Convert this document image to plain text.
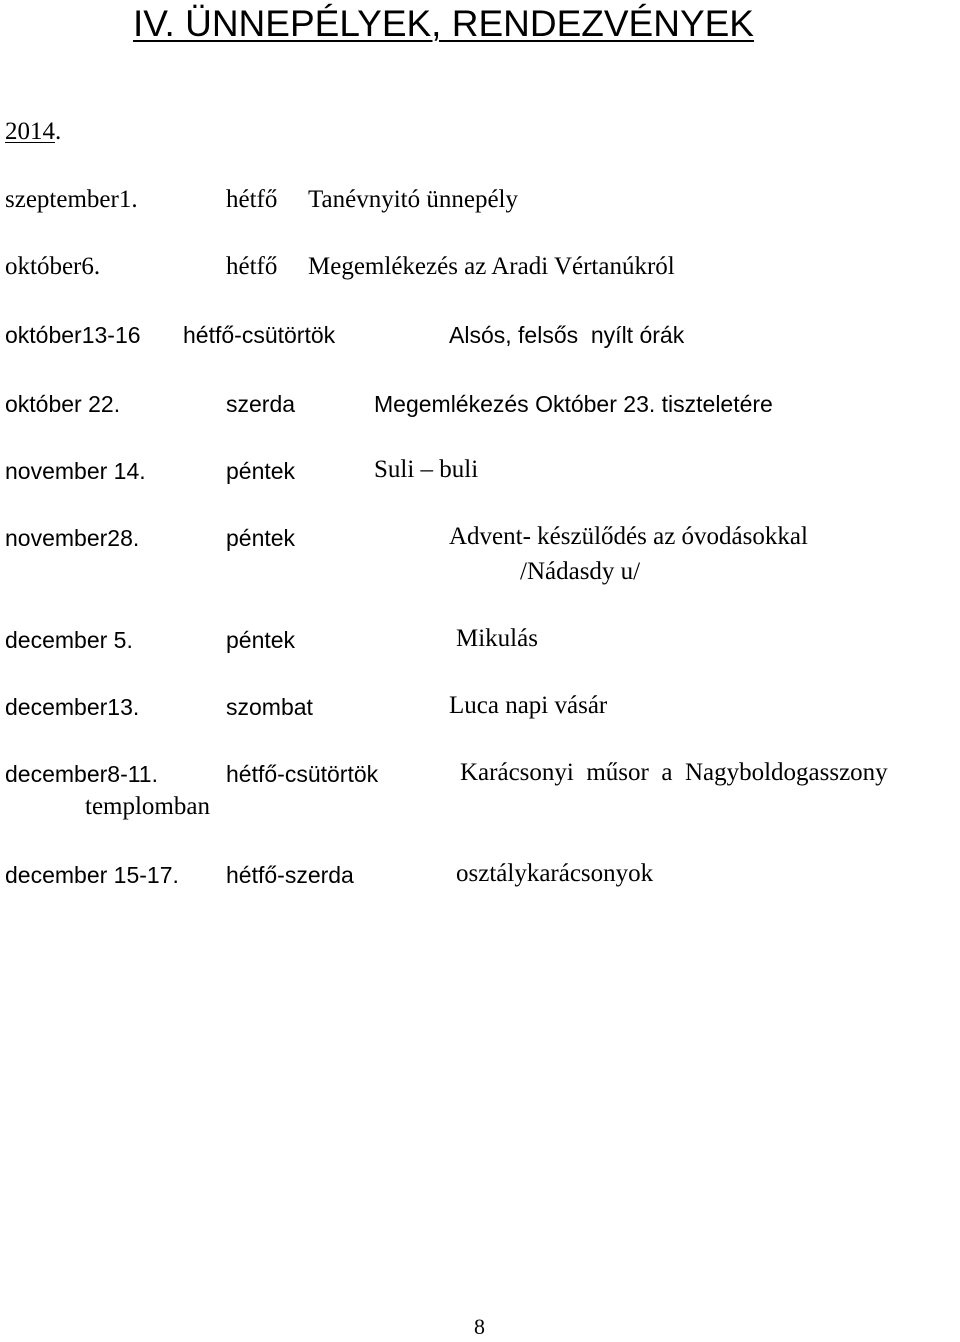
IV. ÜNNEPÉLYEK, RENDEZVÉNYEK
2014.
szeptember1.	hétfő Tanévnyitó ünnepély
október6.	hétfő Megemlékezés az Aradi Vértanúkról
október13-16 hétfő-csütörtök	Alsós, felsős  nyílt órák
október 22.	szerda	Megemlékezés Október 23. tiszteletére
november 14.	péntek	Suli – buli
november28.	péntek	Advent- készülődés az óvodásokkal
/Nádasdy u/
december 5.	péntek	Mikulás
december13.	szombat	Luca napi vásár
december8-11.	hétfő-csütörtök	Karácsonyi  műsor  a  Nagyboldogasszony
templomban
december 15-17. hétfő-szerda	osztálykarácsonyok
8
